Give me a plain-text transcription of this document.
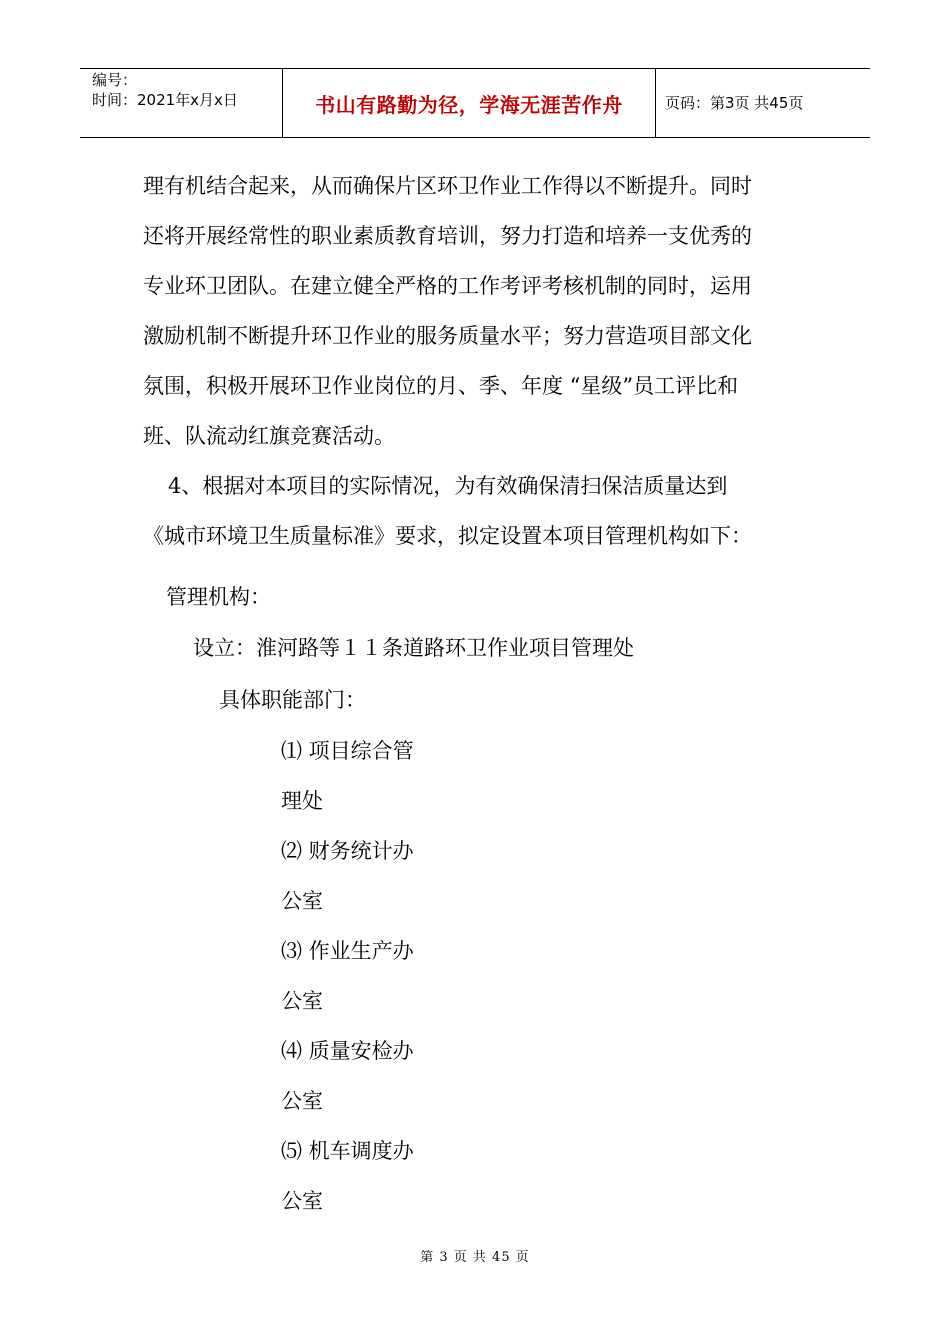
编号：
时间：2021年x月x日	书山有路勤为径，学海无涯苦作舟	页码：第3页 共45页
理有机结合起来，从而确保片区环卫作业工作得以不断提升。同时
还将开展经常性的职业素质教育培训，努力打造和培养一支优秀的
专业环卫团队。在建立健全严格的工作考评考核机制的同时，运用
激励机制不断提升环卫作业的服务质量水平；努力营造项目部文化
氛围，积极开展环卫作业岗位的月、季、年度 “星级”员工评比和
班、队流动红旗竞赛活动。
4、根据对本项目的实际情况，为有效确保清扫保洁质量达到
《城市环境卫生质量标准》要求，拟定设置本项目管理机构如下：
管理机构：
设立：淮河路等１１条道路环卫作业项目管理处
具体职能部门：
⑴ 项目综合管
理处
⑵ 财务统计办
公室
⑶ 作业生产办
公室
⑷ 质量安检办
公室
⑸ 机车调度办
公室
第 3 页 共 45 页
